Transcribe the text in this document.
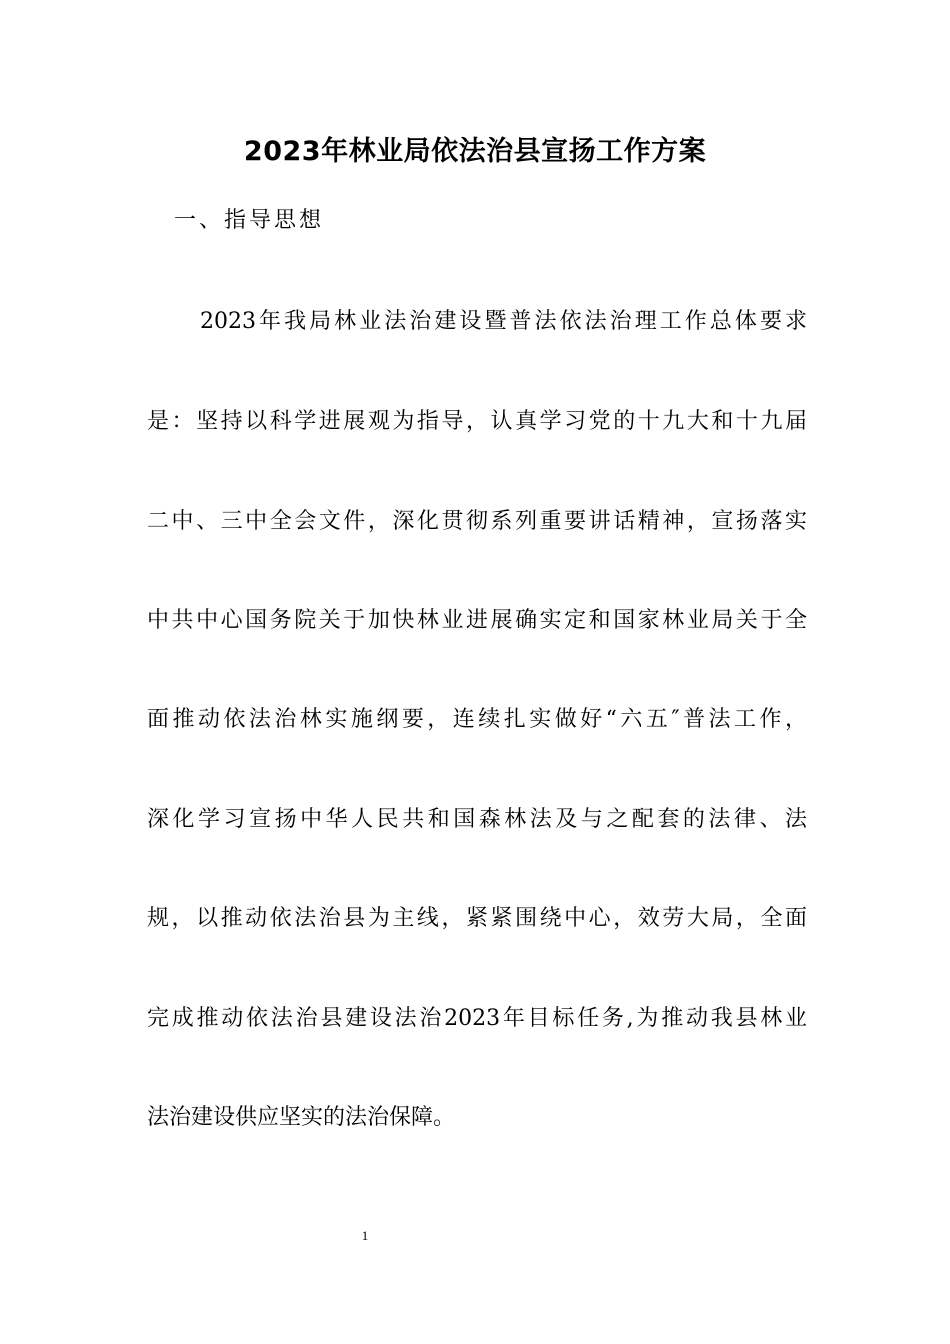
2023年林业局依法治县宣扬工作方案
一、指导思想
2023年我局林业法治建设暨普法依法治理工作总体要求
是：坚持以科学进展观为指导，认真学习党的十九大和十九届
二中、三中全会文件，深化贯彻系列重要讲话精神，宣扬落实
中共中心国务院关于加快林业进展确实定和国家林业局关于全
面推动依法治林实施纲要，连续扎实做好“六五″普法工作，
深化学习宣扬中华人民共和国森林法及与之配套的法律、法
规，以推动依法治县为主线，紧紧围绕中心，效劳大局，全面
完成推动依法治县建设法治2023年目标任务,为推动我县林业
法治建设供应坚实的法治保障。
1
